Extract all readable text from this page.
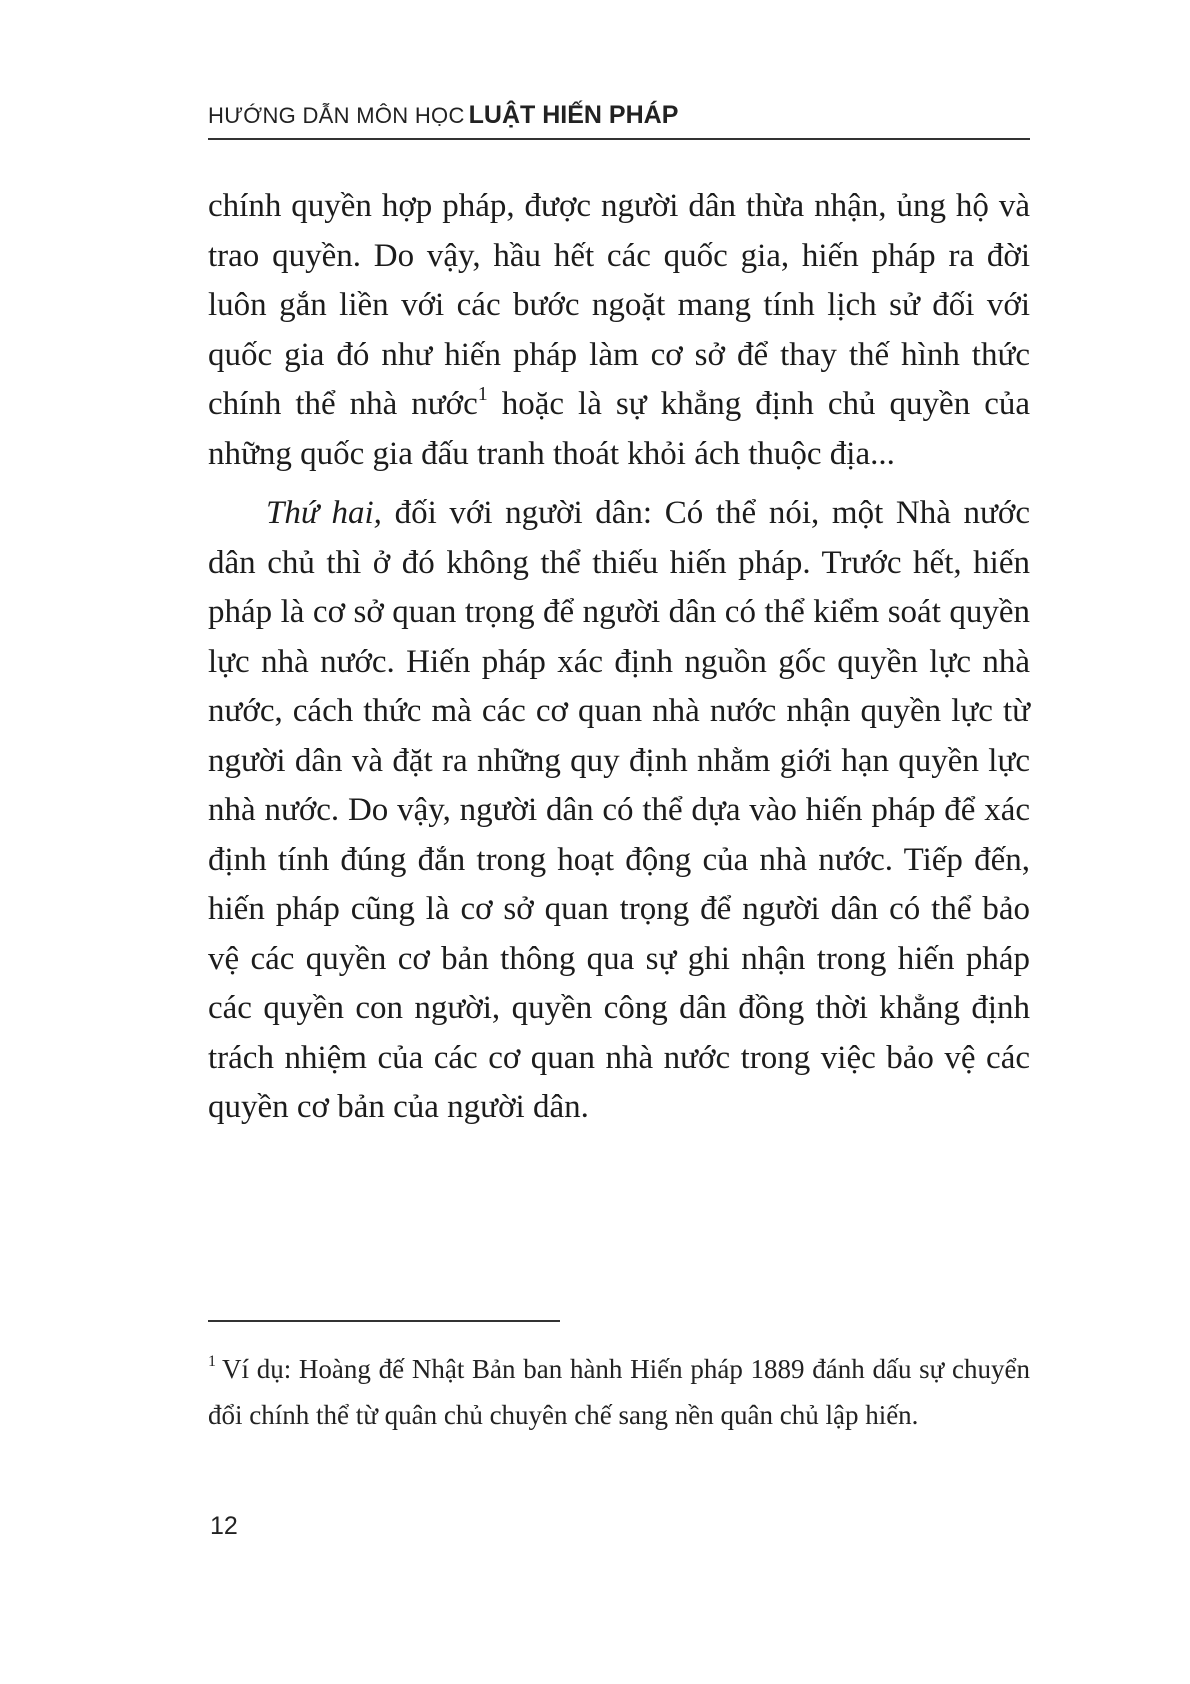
HƯỚNG DẪN MÔN HỌC LUẬT HIẾN PHÁP

chính quyền hợp pháp, được người dân thừa nhận, ủng hộ và trao quyền. Do vậy, hầu hết các quốc gia, hiến pháp ra đời luôn gắn liền với các bước ngoặt mang tính lịch sử đối với quốc gia đó như hiến pháp làm cơ sở để thay thế hình thức chính thể nhà nước$^1$ hoặc là sự khẳng định chủ quyền của những quốc gia đấu tranh thoát khỏi ách thuộc địa...

Thứ hai, đối với người dân: Có thể nói, một Nhà nước dân chủ thì ở đó không thể thiếu hiến pháp. Trước hết, hiến pháp là cơ sở quan trọng để người dân có thể kiểm soát quyền lực nhà nước. Hiến pháp xác định nguồn gốc quyền lực nhà nước, cách thức mà các cơ quan nhà nước nhận quyền lực từ người dân và đặt ra những quy định nhằm giới hạn quyền lực nhà nước. Do vậy, người dân có thể dựa vào hiến pháp để xác định tính đúng đắn trong hoạt động của nhà nước. Tiếp đến, hiến pháp cũng là cơ sở quan trọng để người dân có thể bảo vệ các quyền cơ bản thông qua sự ghi nhận trong hiến pháp các quyền con người, quyền công dân đồng thời khẳng định trách nhiệm của các cơ quan nhà nước trong việc bảo vệ các quyền cơ bản của người dân.

$^1$ Ví dụ: Hoàng đế Nhật Bản ban hành Hiến pháp 1889 đánh dấu sự chuyển đổi chính thể từ quân chủ chuyên chế sang nền quân chủ lập hiến.
12
